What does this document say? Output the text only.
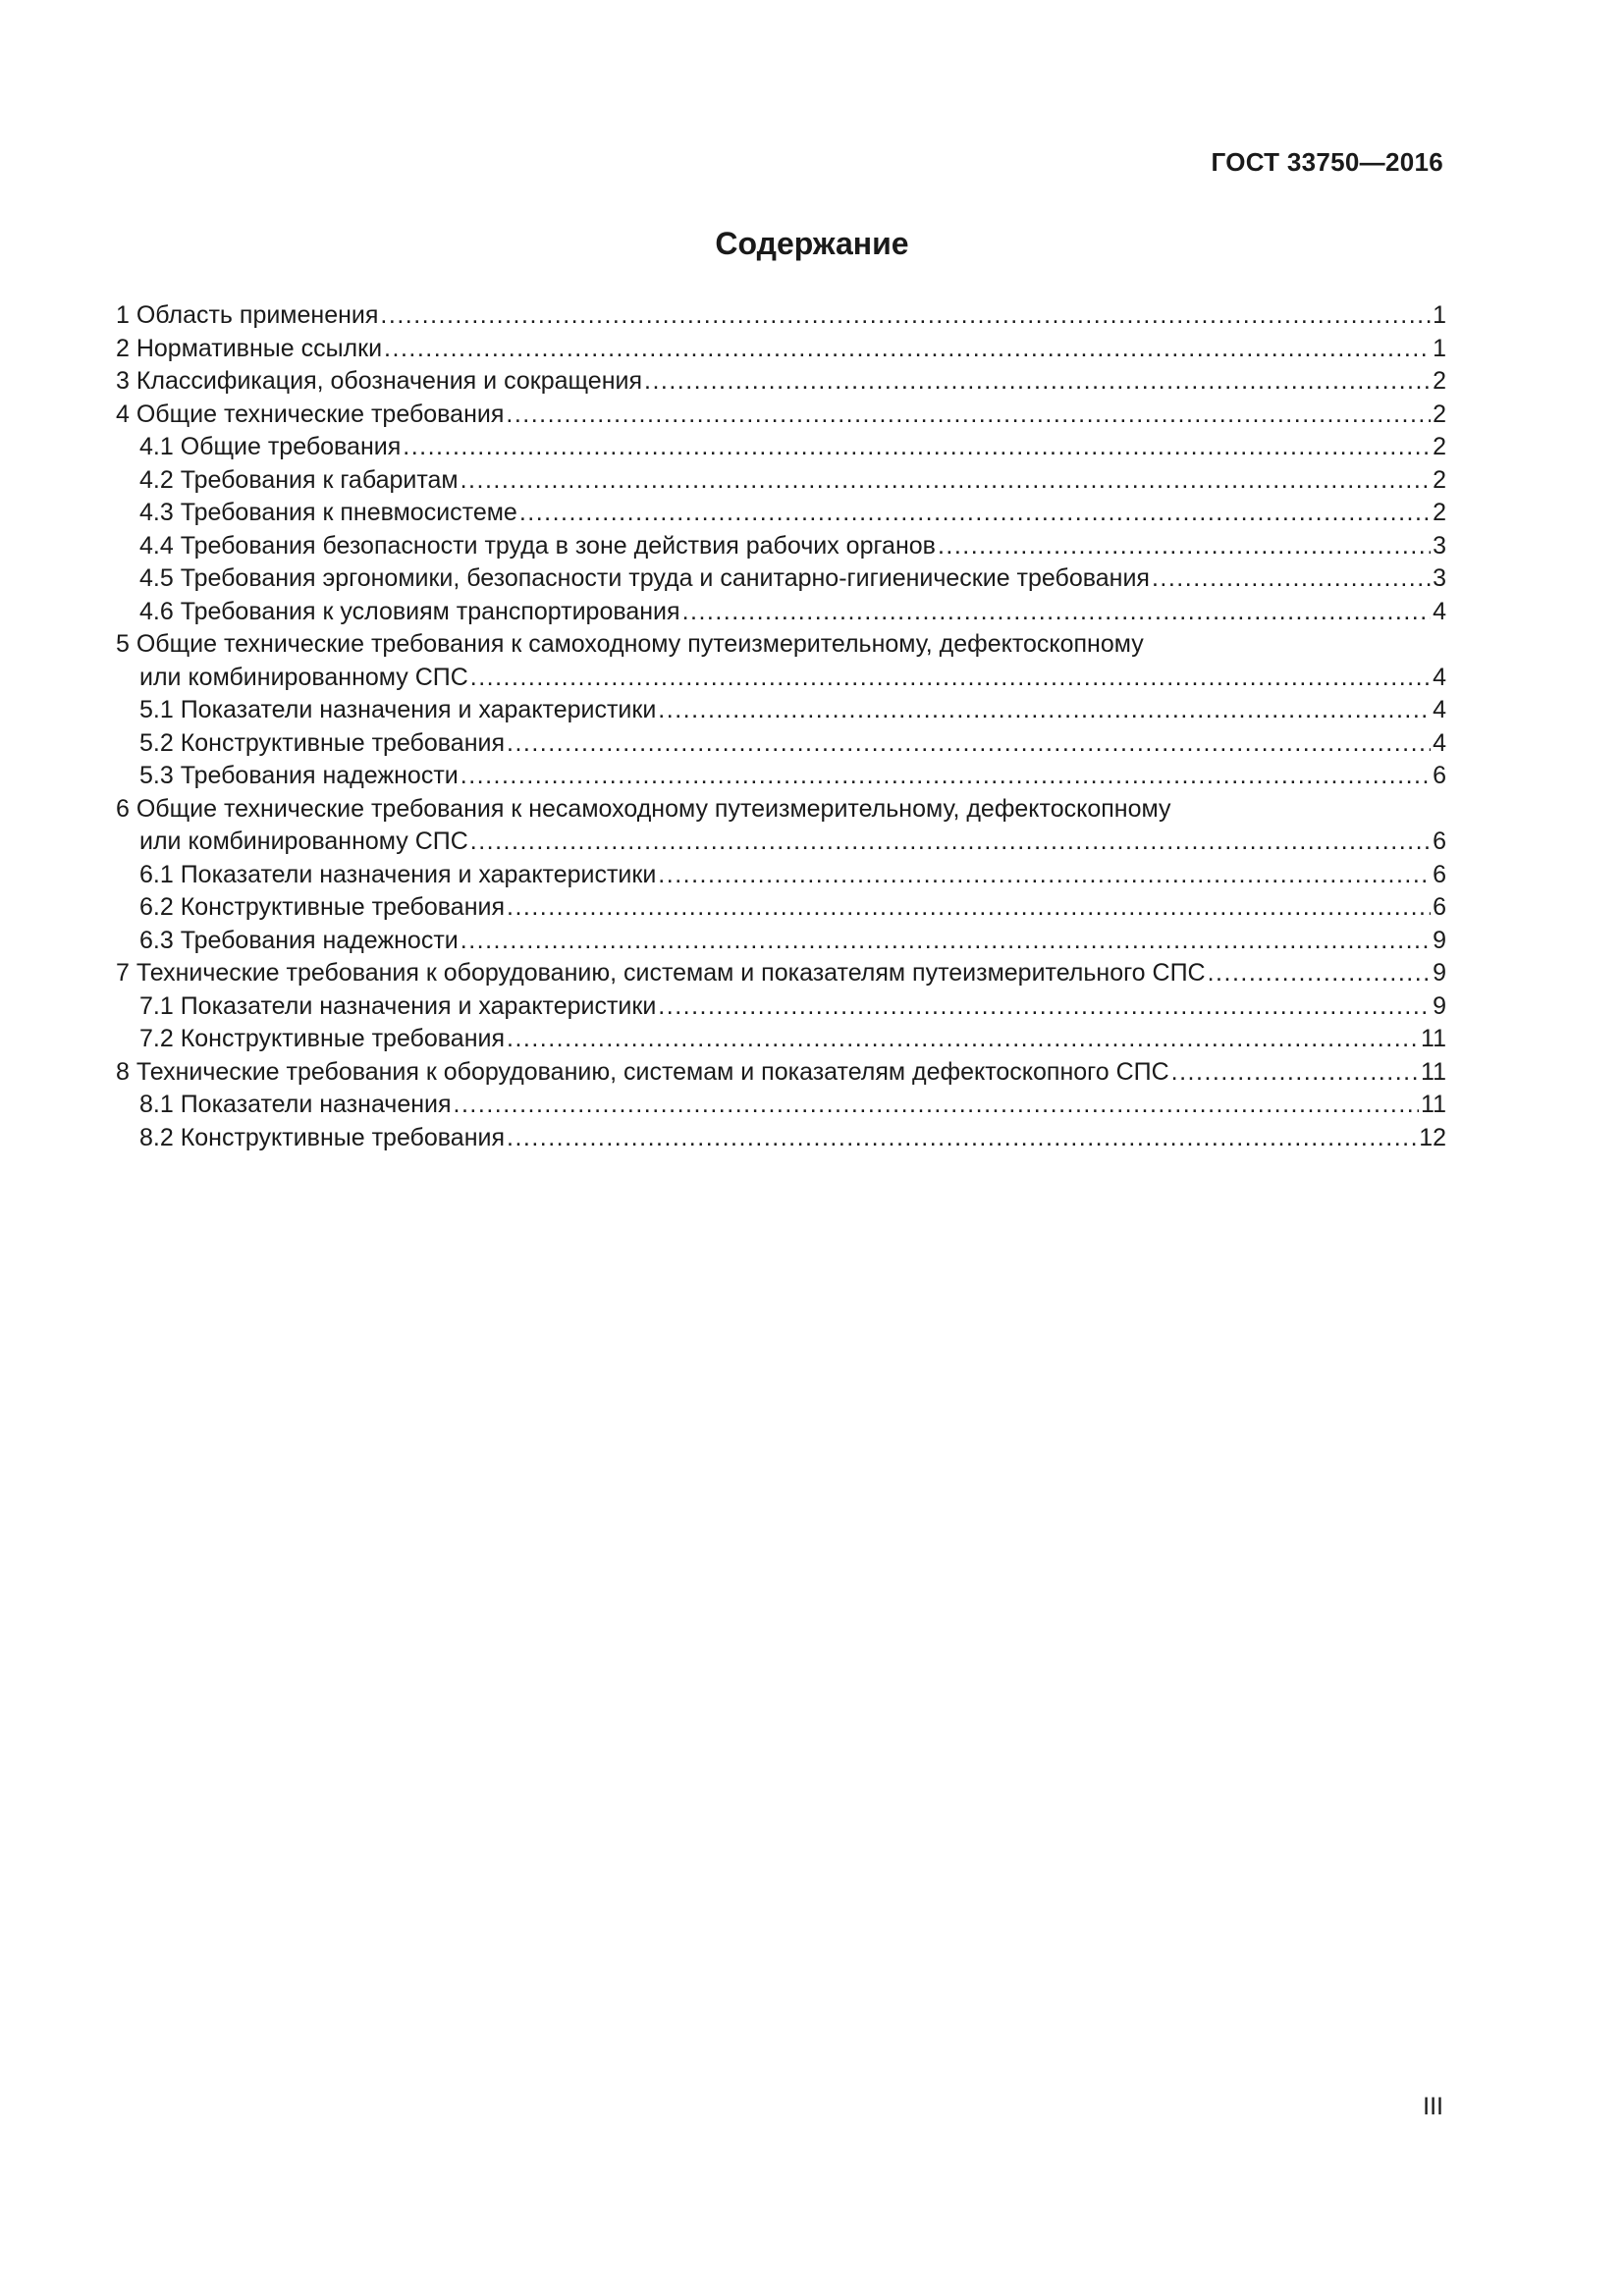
ГОСТ 33750—2016
Содержание
1 Область применения .....	1
2 Нормативные ссылки .....	1
3 Классификация, обозначения и сокращения .....	2
4 Общие технические требования .....	2
4.1 Общие требования .....	2
4.2 Требования к габаритам .....	2
4.3 Требования к пневмосистеме .....	2
4.4 Требования безопасности труда в зоне действия рабочих органов .....	3
4.5 Требования эргономики, безопасности труда и санитарно-гигиенические требования .....	3
4.6 Требования к условиям транспортирования .....	4
5 Общие технические требования к самоходному путеизмерительному, дефектоскопному
или комбинированному СПС .....	4
5.1 Показатели назначения и характеристики .....	4
5.2 Конструктивные требования .....	4
5.3 Требования надежности .....	6
6 Общие технические требования к несамоходному путеизмерительному, дефектоскопному
или комбинированному СПС .....	6
6.1 Показатели назначения и характеристики .....	6
6.2 Конструктивные требования .....	6
6.3 Требования надежности .....	9
7 Технические требования к оборудованию, системам и показателям путеизмерительного СПС .....	9
7.1 Показатели назначения и характеристики .....	9
7.2 Конструктивные требования .....	11
8 Технические требования к оборудованию, системам и показателям дефектоскопного СПС .....	11
8.1 Показатели назначения .....	11
8.2 Конструктивные требования .....	12
III
